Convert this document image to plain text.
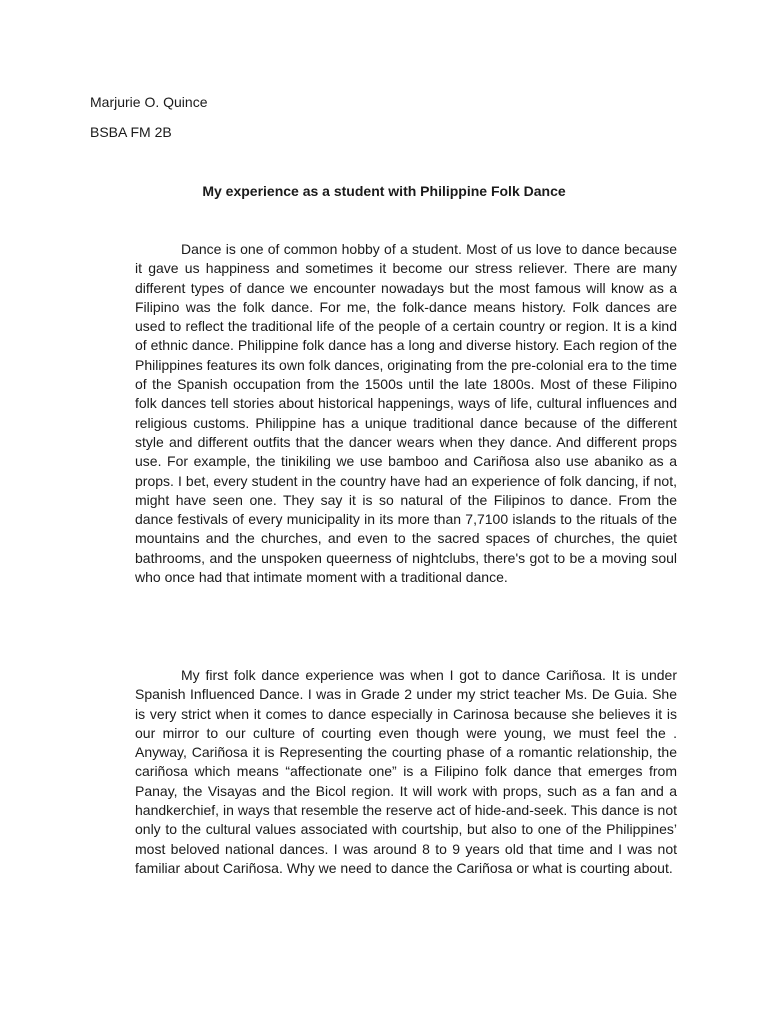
Marjurie O. Quince
BSBA FM 2B
My experience as a student with Philippine Folk Dance

Dance is one of common hobby of a student. Most of us love to dance because it gave us happiness and sometimes it become our stress reliever. There are many different types of dance we encounter nowadays but the most famous will know as a Filipino was the folk dance. For me, the folk-dance means history. Folk dances are used to reflect the traditional life of the people of a certain country or region. It is a kind of ethnic dance. Philippine folk dance has a long and diverse history. Each region of the Philippines features its own folk dances, originating from the pre-colonial era to the time of the Spanish occupation from the 1500s until the late 1800s. Most of these Filipino folk dances tell stories about historical happenings, ways of life, cultural influences and religious customs. Philippine has a unique traditional dance because of the different style and different outfits that the dancer wears when they dance. And different props use. For example, the tinikiling we use bamboo and Cariñosa also use abaniko as a props. I bet, every student in the country have had an experience of folk dancing, if not, might have seen one. They say it is so natural of the Filipinos to dance. From the dance festivals of every municipality in its more than 7,7100 islands to the rituals of the mountains and the churches, and even to the sacred spaces of churches, the quiet bathrooms, and the unspoken queerness of nightclubs, there's got to be a moving soul who once had that intimate moment with a traditional dance.

My first folk dance experience was when I got to dance Cariñosa. It is under Spanish Influenced Dance. I was in Grade 2 under my strict teacher Ms. De Guia. She is very strict when it comes to dance especially in Carinosa because she believes it is our mirror to our culture of courting even though were young, we must feel the . Anyway, Cariñosa it is Representing the courting phase of a romantic relationship, the cariñosa which means “affectionate one” is a Filipino folk dance that emerges from Panay, the Visayas and the Bicol region. It will work with props, such as a fan and a handkerchief, in ways that resemble the reserve act of hide-and-seek. This dance is not only to the cultural values associated with courtship, but also to one of the Philippines’ most beloved national dances. I was around 8 to 9 years old that time and I was not familiar about Cariñosa. Why we need to dance the Cariñosa or what is courting about.
